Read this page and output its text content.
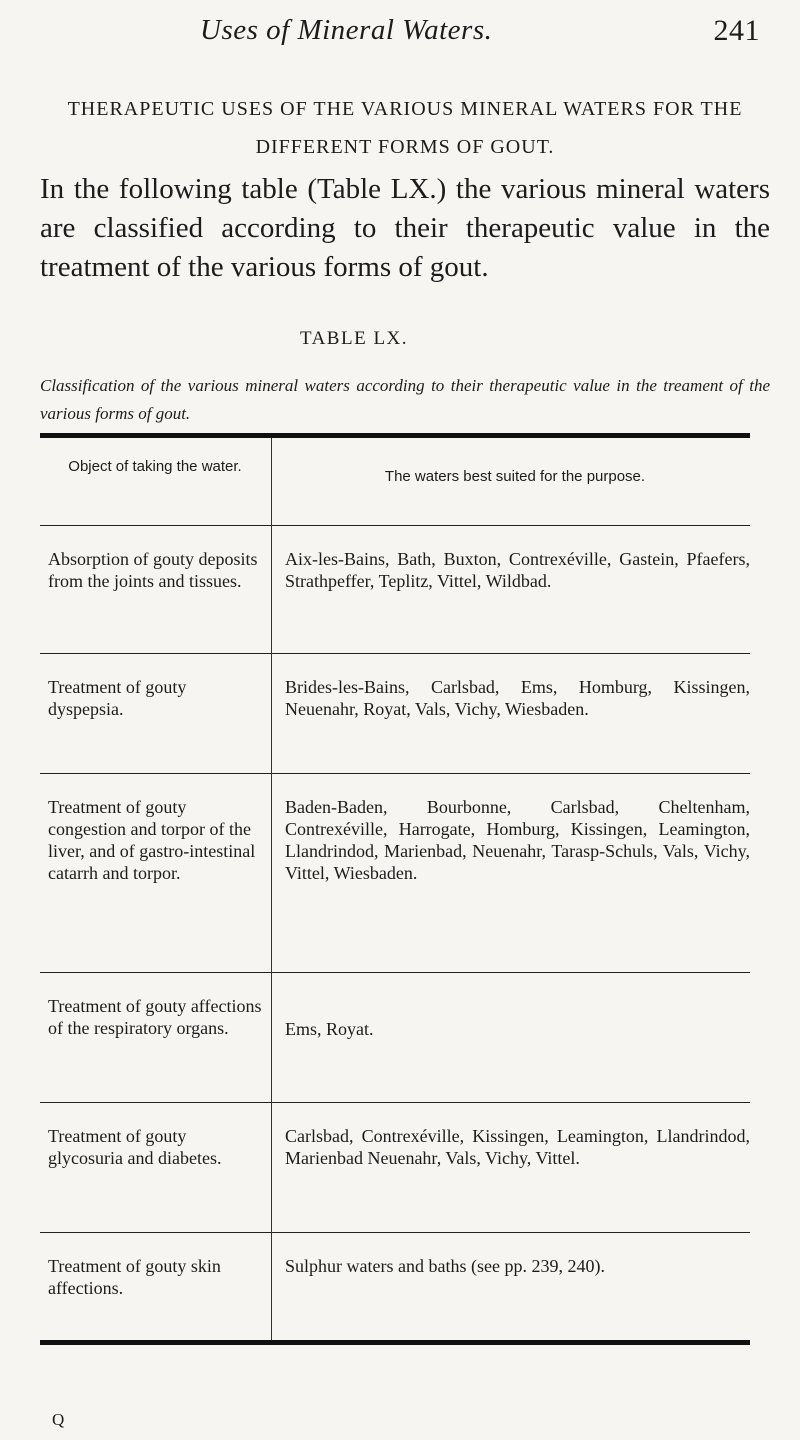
Uses of Mineral Waters.	241
THERAPEUTIC USES OF THE VARIOUS MINERAL WATERS FOR THE DIFFERENT FORMS OF GOUT.
In the following table (Table LX.) the various mineral waters are classified according to their therapeutic value in the treatment of the various forms of gout.
TABLE LX.
Classification of the various mineral waters according to their therapeutic value in the treament of the various forms of gout.
Object of taking the water.
The waters best suited for the purpose.
Absorption of gouty deposits from the joints and tissues.
Aix-les-Bains, Bath, Buxton, Contrexéville, Gastein, Pfaefers, Strathpeffer, Teplitz, Vittel, Wildbad.
Treatment of gouty dyspepsia.
Brides-les-Bains, Carlsbad, Ems, Homburg, Kissingen, Neuenahr, Royat, Vals, Vichy, Wiesbaden.
Treatment of gouty congestion and torpor of the liver, and of gastro-intestinal catarrh and torpor.
Baden-Baden, Bourbonne, Carlsbad, Cheltenham, Contrexéville, Harrogate, Homburg, Kissingen, Leamington, Llandrindod, Marienbad, Neuenahr, Tarasp-Schuls, Vals, Vichy, Vittel, Wiesbaden.
Treatment of gouty affections of the respiratory organs.	Ems, Royat.
Treatment of gouty glycosuria and diabetes.
Carlsbad, Contrexéville, Kissingen, Leamington, Llandrindod, Marienbad Neuenahr, Vals, Vichy, Vittel.
Treatment of gouty skin affections.
Sulphur waters and baths (see pp. 239, 240).
Q
